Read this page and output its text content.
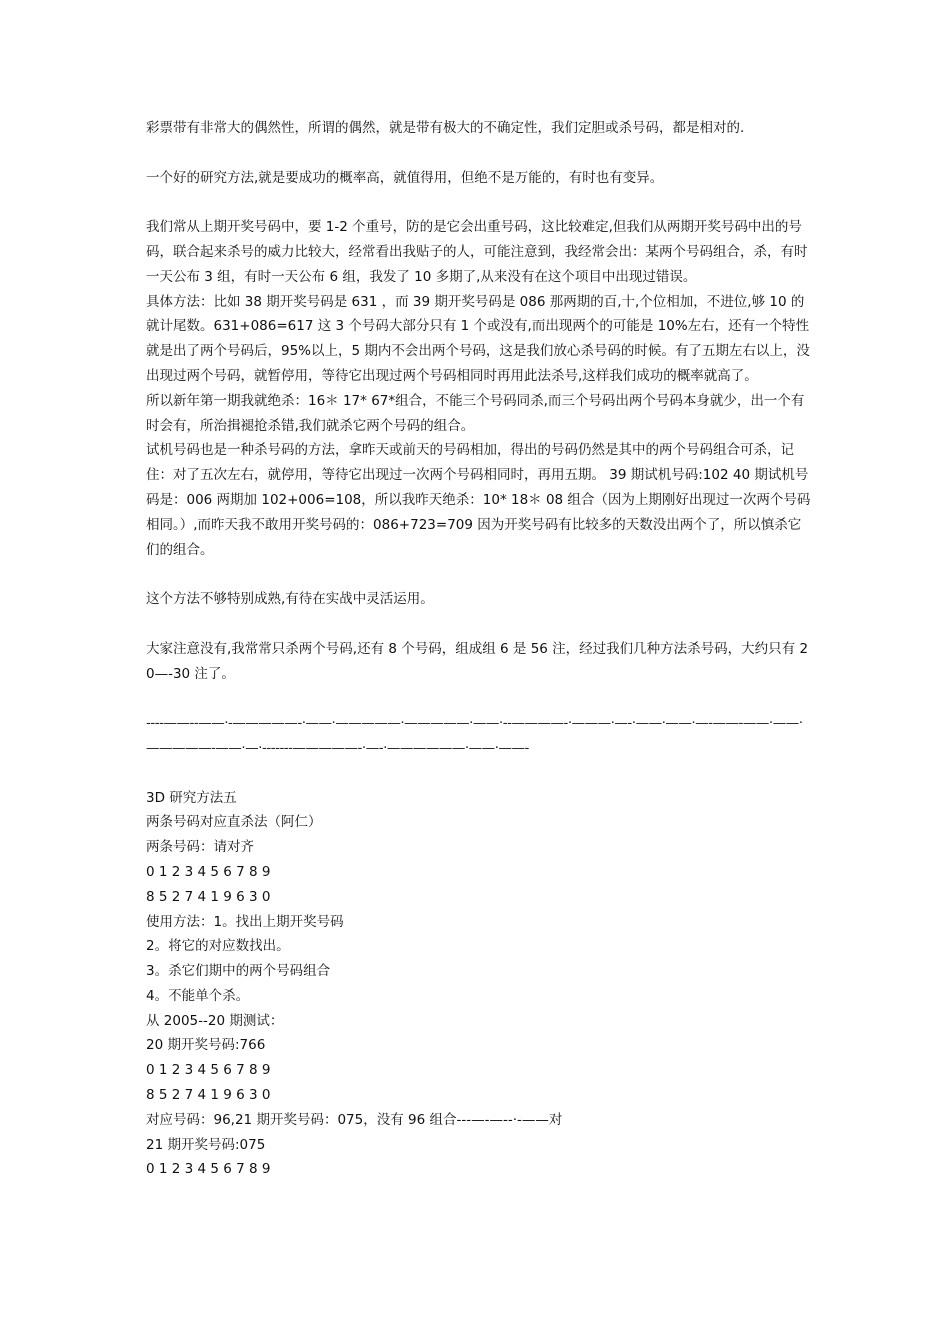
彩票带有非常大的偶然性，所谓的偶然，就是带有极大的不确定性，我们定胆或杀号码，都是相对的.

一个好的研究方法,就是要成功的概率高，就值得用，但绝不是万能的，有时也有变异。

我们常从上期开奖号码中，要 1-2 个重号，防的是它会出重号码，这比较难定,但我们从两期开奖号码中出的号码，联合起来杀号的威力比较大，经常看出我贴子的人，可能注意到，我经常会出：某两个号码组合，杀，有时一天公布 3 组，有时一天公布 6 组，我发了 10 多期了,从来没有在这个项目中出现过错误。

具体方法：比如 38 期开奖号码是 631 ，而 39 期开奖号码是 086 那两期的百,十,个位相加，不进位,够 10 的就计尾数。631+086=617 这 3 个号码大部分只有 1 个或没有,而出现两个的可能是 10%左右，还有一个特性就是出了两个号码后，95%以上，5 期内不会出两个号码，这是我们放心杀号码的时候。有了五期左右以上，没出现过两个号码，就暂停用，等待它出现过两个号码相同时再用此法杀号,这样我们成功的概率就高了。

所以新年第一期我就绝杀：16＊ 17* 67*组合，不能三个号码同杀,而三个号码出两个号码本身就少，出一个有时会有，所治揖褪抢杀错,我们就杀它两个号码的组合。

试机号码也是一种杀号码的方法，拿昨天或前天的号码相加，得出的号码仍然是其中的两个号码组合可杀，记住：对了五次左右，就停用，等待它出现过一次两个号码相同时，再用五期。 39 期试机号码:102 40 期试机号码是：006 两期加 102+006=108，所以我昨天绝杀：10* 18＊ 08 组合（因为上期刚好出现过一次两个号码相同。）,而昨天我不敢用开奖号码的：086+723=709 因为开奖号码有比较多的天数没出两个了，所以慎杀它们的组合。

这个方法不够特别成熟,有待在实战中灵活运用。

大家注意没有,我常常只杀两个号码,还有 8 个号码，组成组 6 是 56 注，经过我们几种方法杀号码，大约只有 20—-30 注了。

----——--——·-—————-·——·—————·—————·——·--————-·———·—-·——·——·—-——-——·——·—————-——·—·-------—————-·—-·——————·——·——-

3D 研究方法五

两条号码对应直杀法（阿仁）

两条号码：请对齐

0 1 2 3 4 5 6 7 8 9

8 5 2 7 4 1 9 6 3 0

使用方法：1。找出上期开奖号码

2。将它的对应数找出。

3。杀它们期中的两个号码组合

4。不能单个杀。

从 2005--20 期测试：

20 期开奖号码:766

0 1 2 3 4 5 6 7 8 9

8 5 2 7 4 1 9 6 3 0

对应号码：96,21 期开奖号码：075，没有 96 组合---—-—--·-——对

21 期开奖号码:075

0 1 2 3 4 5 6 7 8 9
